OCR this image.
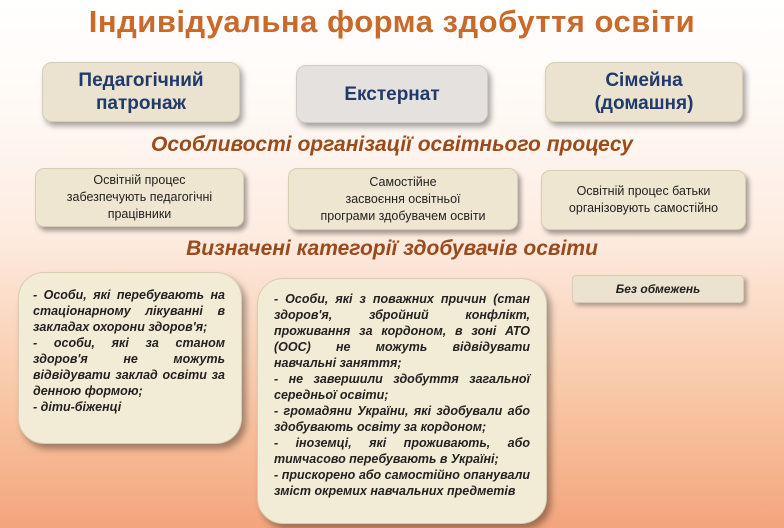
Індивідуальна форма здобуття освіти
Педагогічний
патронаж	Екстернат
Сімейна
(домашня)
Особливості організації освітнього процесу
Освітній процес
забезпечують педагогічні
працівники
Самостійне
засвоєння освітньої
програми здобувачем освіти
Освітній процес батьки
організовують самостійно
Визначені категорії здобувачів освіти
- Особи, які перебувають на стаціонарному лікуванні в закладах охорони здоров'я;
- особи, які за станом здоров'я не можуть відвідувати заклад освіти за денною формою;
- діти-біженці
- Особи, які з поважних причин (стан здоров'я, збройний конфлікт, проживання за кордоном, в зоні АТО (ООС) не можуть відвідувати навчальні заняття;
- не завершили здобуття загальної середньої освіти;
- громадяни України, які здобували або здобувають освіту за кордоном;
- іноземці, які проживають, або тимчасово перебувають в Україні;
- прискорено або самостійно опанували зміст окремих навчальних предметів
Без обмежень
